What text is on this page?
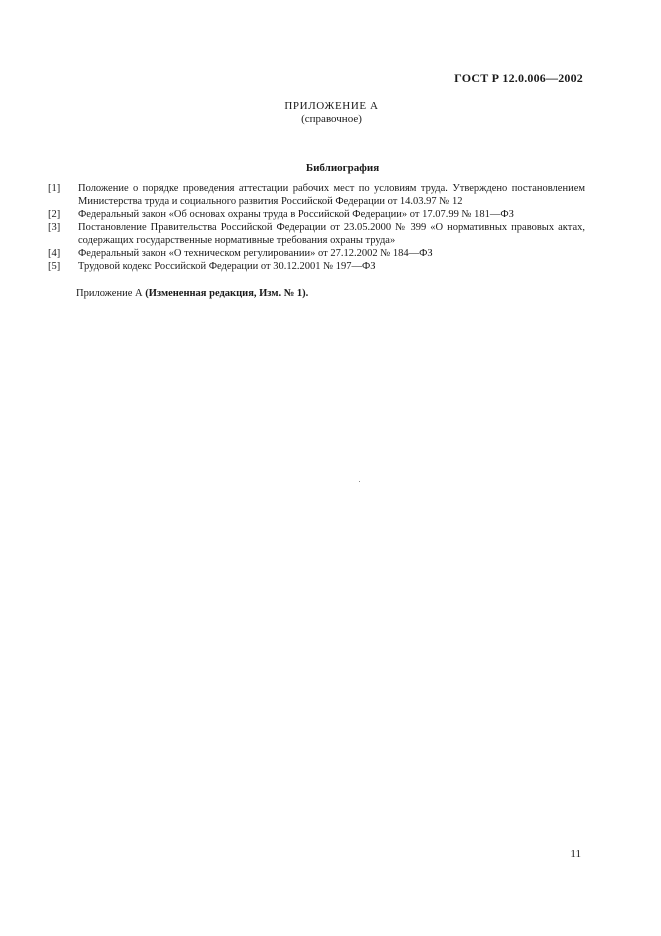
ГОСТ Р 12.0.006—2002
ПРИЛОЖЕНИЕ А
(справочное)
Библиография
[1]	Положение о порядке проведения аттестации рабочих мест по условиям труда. Утверждено постановлением Министерства труда и социального развития Российской Федерации от 14.03.97 № 12
[2]	Федеральный закон «Об основах охраны труда в Российской Федерации» от 17.07.99 № 181—ФЗ
[3]	Постановление Правительства Российской Федерации от 23.05.2000 № 399 «О нормативных правовых актах, содержащих государственные нормативные требования охраны труда»
[4]	Федеральный закон «О техническом регулировании» от 27.12.2002 № 184—ФЗ
[5]	Трудовой кодекс Российской Федерации от 30.12.2001 № 197—ФЗ
Приложение А (Измененная редакция, Изм. № 1).
11
